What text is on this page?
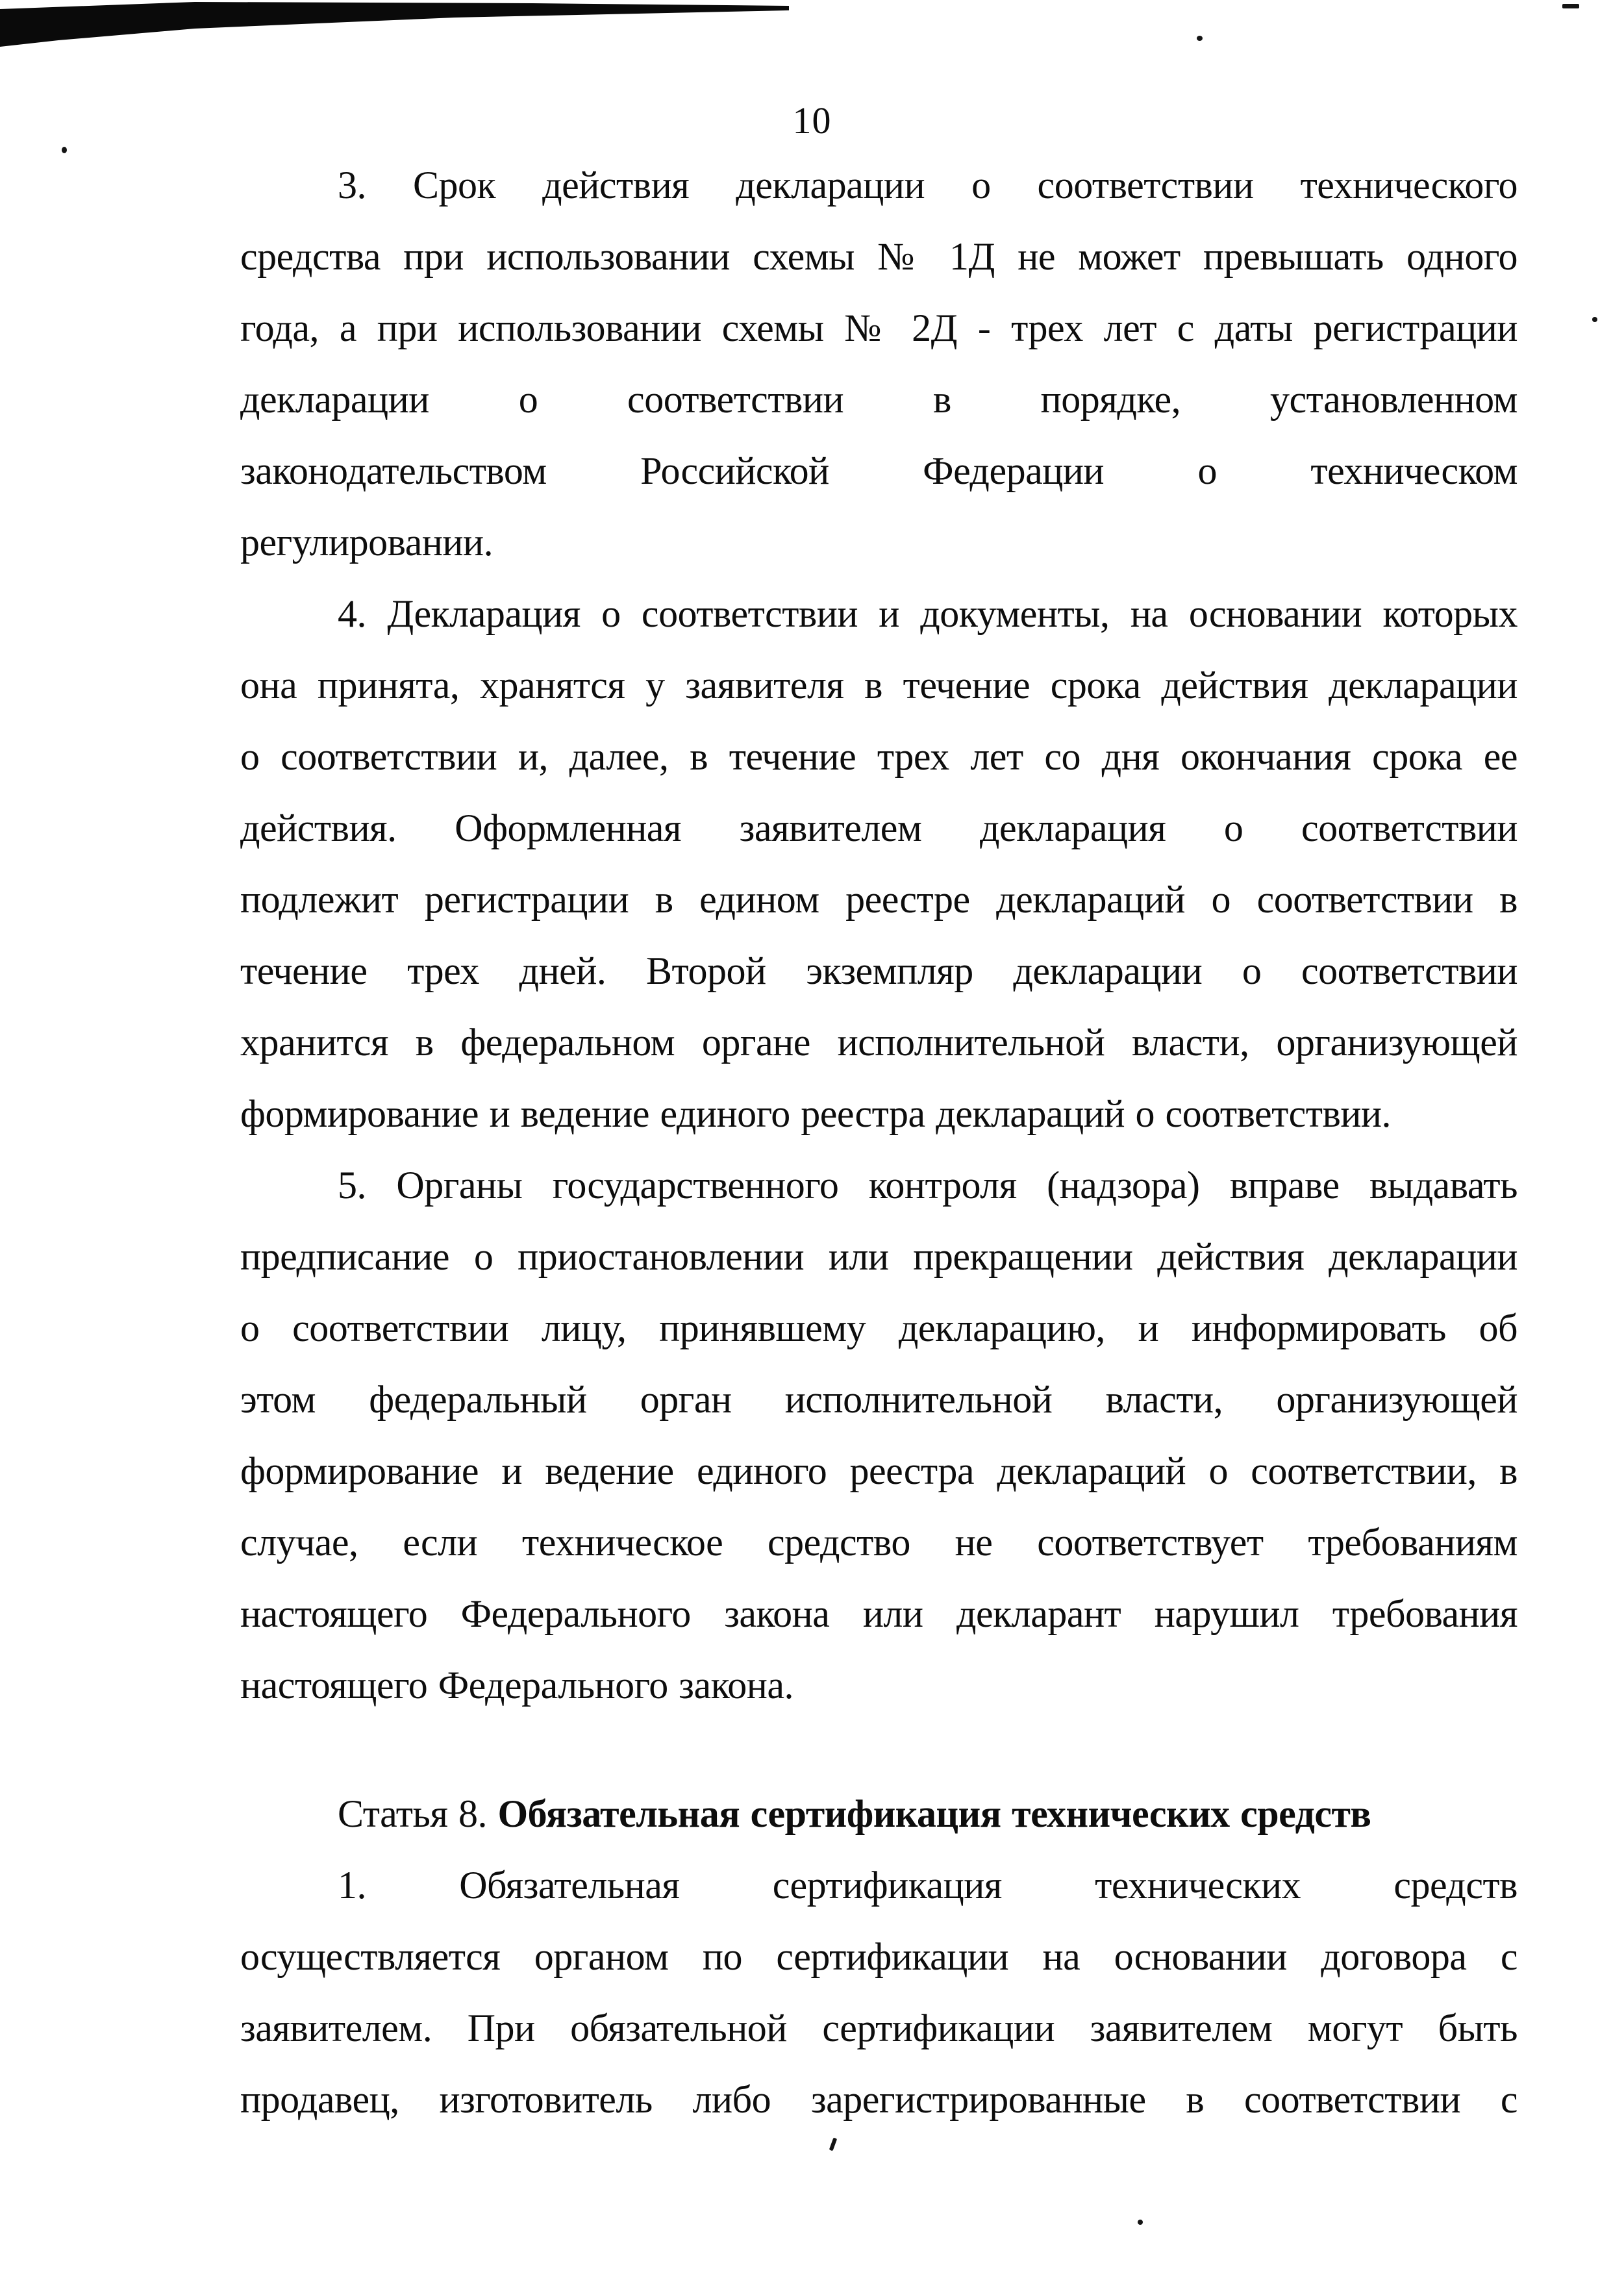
10
3. Срок действия декларации о соответствии технического
средства при использовании схемы № 1Д не может превышать одного
года, а при использовании схемы № 2Д - трех лет с даты регистрации
декларации о соответствии в порядке, установленном
законодательством Российской Федерации о техническом
регулировании.
4. Декларация о соответствии и документы, на основании которых
она принята, хранятся у заявителя в течение срока действия декларации
о соответствии и, далее, в течение трех лет со дня окончания срока ее
действия. Оформленная заявителем декларация о соответствии
подлежит регистрации в едином реестре деклараций о соответствии в
течение трех дней. Второй экземпляр декларации о соответствии
хранится в федеральном органе исполнительной власти, организующей
формирование и ведение единого реестра деклараций о соответствии.
5. Органы государственного контроля (надзора) вправе выдавать
предписание о приостановлении или прекращении действия декларации
о соответствии лицу, принявшему декларацию, и информировать об
этом федеральный орган исполнительной власти, организующей
формирование и ведение единого реестра деклараций о соответствии, в
случае, если техническое средство не соответствует требованиям
настоящего Федерального закона или декларант нарушил требования
настоящего Федерального закона.
Статья 8. Обязательная сертификация технических средств
1. Обязательная сертификация технических средств
осуществляется органом по сертификации на основании договора с
заявителем. При обязательной сертификации заявителем могут быть
продавец, изготовитель либо зарегистрированные в соответствии с
